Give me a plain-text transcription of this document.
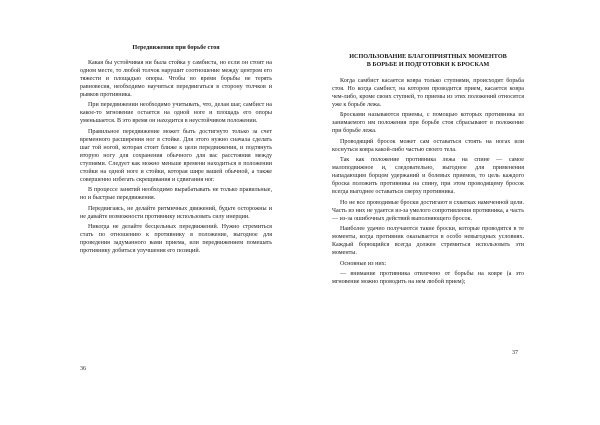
Передвижения при борьбе стоя

Какая бы устойчивая ни была стойка у самбиста, но если он стоит на одном месте, то любой толчок нарушит соотношение между центром его тяжести и площадью опоры. Чтобы во время борьбы не терять равновесия, необходимо научиться передвигаться в сторону толчков и рывков противника.

При передвижении необходимо учитывать, что, делая шаг, самбист на какое-то мгновение остается на одной ноге и площадь его опоры уменьшается. В это время он находится в неустойчивом положении.

Правильное передвижение может быть достигнуто только за счет временного расширения ног в стойке. Для этого нужно сначала сделать шаг той ногой, которая стоит ближе к цели передвижения, и подтянуть вторую ногу для сохранения обычного для вас расстояния между ступнями. Следует как можно меньше времени находиться в положении стойки на одной ноге и стойки, которая шире вашей обычной, а также совершенно избегать скрещивания и сдвигания ног.

В процессе занятий необходимо вырабатывать не только правильные, но и быстрые передвижения.

Передвигаясь, не делайте ритмичных движений, будьте осторожны и не давайте возможности противнику использовать силу инерции.

Никогда не делайте бесцельных передвижений. Нужно стремиться стать по отношению к противнику в положение, выгодное для проведения задуманного вами приема, или передвижением помешать противнику добиться улучшения его позиций.

36
ИСПОЛЬЗОВАНИЕ БЛАГОПРИЯТНЫХ МОМЕНТОВ
В БОРЬБЕ И ПОДГОТОВКИ К БРОСКАМ

Когда самбист касается ковра только ступнями, происходит борьба стоя. Но когда самбист, на котором проводится прием, касается ковра чем-либо, кроме своих ступней, то приемы из этих положений относятся уже к борьбе лежа.

Бросками называются приемы, с помощью которых противника из занимаемого им положения при борьбе стоя сбрасывают в положение при борьбе лежа.

Проводящий бросок может сам оставаться стоять на ногах или коснуться ковра какой-либо частью своего тела.

Так как положение противника лежа на спине — самое малоподвижное и, следовательно, выгодное для применения нападающим борцом удержаний и болевых приемов, то цель каждого броска положить противника на спину, при этом проводящему бросок всегда выгоднее оставаться сверху противника.

Но не все проводимые броски достигают в схватках намеченной цели. Часть из них не удается из-за умелого сопротивления противника, а часть — из-за ошибочных действий выполняющего бросок.

Наиболее удачно получаются такие броски, которые проводятся в те моменты, когда противник оказывается в особо невыгодных условиях. Каждый борющийся всегда должен стремиться использовать эти моменты.

Основные из них:

— внимание противника отвлечено от борьбы на ковре (а это мгновение можно проводить на нем любой прием);

37
